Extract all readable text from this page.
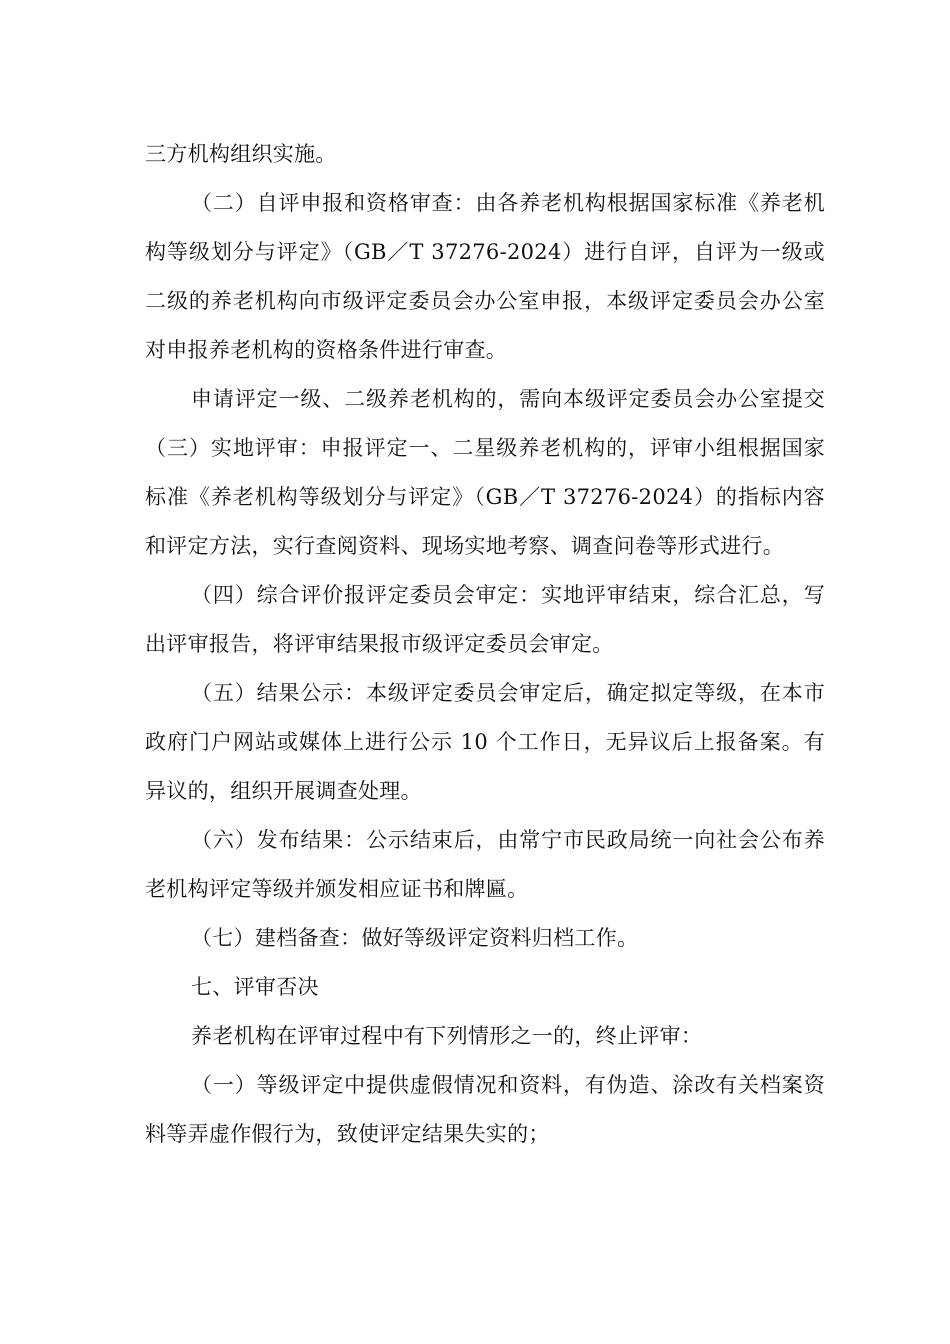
三方机构组织实施。

（二）自评申报和资格审查：由各养老机构根据国家标准《养老机构等级划分与评定》（GB／T 37276-2024）进行自评，自评为一级或二级的养老机构向市级评定委员会办公室申报，本级评定委员会办公室对申报养老机构的资格条件进行审查。

申请评定一级、二级养老机构的，需向本级评定委员会办公室提交（三）实地评审：申报评定一、二星级养老机构的，评审小组根据国家标准《养老机构等级划分与评定》（GB／T 37276-2024）的指标内容和评定方法，实行查阅资料、现场实地考察、调查问卷等形式进行。

（四）综合评价报评定委员会审定：实地评审结束，综合汇总，写出评审报告，将评审结果报市级评定委员会审定。

（五）结果公示：本级评定委员会审定后，确定拟定等级，在本市政府门户网站或媒体上进行公示 10 个工作日，无异议后上报备案。有异议的，组织开展调查处理。

（六）发布结果：公示结束后，由常宁市民政局统一向社会公布养老机构评定等级并颁发相应证书和牌匾。

（七）建档备查：做好等级评定资料归档工作。

七、评审否决

养老机构在评审过程中有下列情形之一的，终止评审：

（一）等级评定中提供虚假情况和资料，有伪造、涂改有关档案资料等弄虚作假行为，致使评定结果失实的；
